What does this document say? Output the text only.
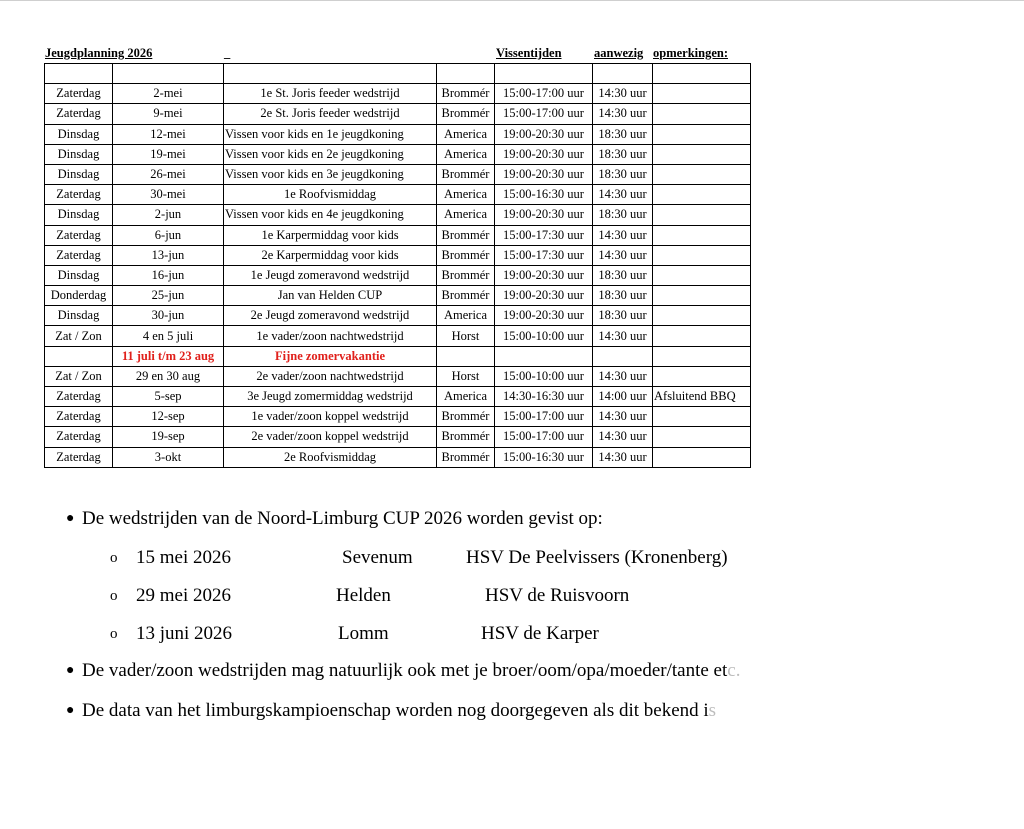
Jeugdplanning 2026	_	Vissentijden	aanwezig opmerkingen:

Zaterdag	2-mei	1e St. Joris feeder wedstrijd	Brommér	15:00-17:00 uur	14:30 uur	
Zaterdag	9-mei	2e St. Joris feeder wedstrijd	Brommér	15:00-17:00 uur	14:30 uur	
Dinsdag	12-mei	Vissen voor kids en 1e jeugdkoning	America	19:00-20:30 uur	18:30 uur	
Dinsdag	19-mei	Vissen voor kids en 2e jeugdkoning	America	19:00-20:30 uur	18:30 uur	
Dinsdag	26-mei	Vissen voor kids en 3e jeugdkoning	Brommér	19:00-20:30 uur	18:30 uur	
Zaterdag	30-mei	1e Roofvismiddag	America	15:00-16:30 uur	14:30 uur	
Dinsdag	2-jun	Vissen voor kids en 4e jeugdkoning	America	19:00-20:30 uur	18:30 uur	
Zaterdag	6-jun	1e Karpermiddag voor kids	Brommér	15:00-17:30 uur	14:30 uur	
Zaterdag	13-jun	2e Karpermiddag voor kids	Brommér	15:00-17:30 uur	14:30 uur	
Dinsdag	16-jun	1e Jeugd zomeravond wedstrijd	Brommér	19:00-20:30 uur	18:30 uur	
Donderdag	25-jun	Jan van Helden CUP	Brommér	19:00-20:30 uur	18:30 uur	
Dinsdag	30-jun	2e Jeugd zomeravond wedstrijd	America	19:00-20:30 uur	18:30 uur	
Zat / Zon	4 en 5 juli	1e vader/zoon nachtwedstrijd	Horst	15:00-10:00 uur	14:30 uur	
	11 juli t/m 23 aug	Fijne zomervakantie				
Zat / Zon	29 en 30 aug	2e vader/zoon nachtwedstrijd	Horst	15:00-10:00 uur	14:30 uur	
Zaterdag	5-sep	3e Jeugd zomermiddag wedstrijd	America	14:30-16:30 uur	14:00 uur	Afsluitend BBQ
Zaterdag	12-sep	1e vader/zoon koppel wedstrijd	Brommér	15:00-17:00 uur	14:30 uur	
Zaterdag	19-sep	2e vader/zoon koppel wedstrijd	Brommér	15:00-17:00 uur	14:30 uur	
Zaterdag	3-okt	2e Roofvismiddag	Brommér	15:00-16:30 uur	14:30 uur	
● De wedstrijden van de Noord-Limburg CUP 2026 worden gevist op:
o 15 mei 2026	Sevenum	HSV De Peelvissers (Kronenberg)
o 29 mei 2026	Helden	HSV de Ruisvoorn
o 13 juni 2026	Lomm	HSV de Karper
● De vader/zoon wedstrijden mag natuurlijk ook met je broer/oom/opa/moeder/tante etc.
● De data van het limburgskampioenschap worden nog doorgegeven als dit bekend is
